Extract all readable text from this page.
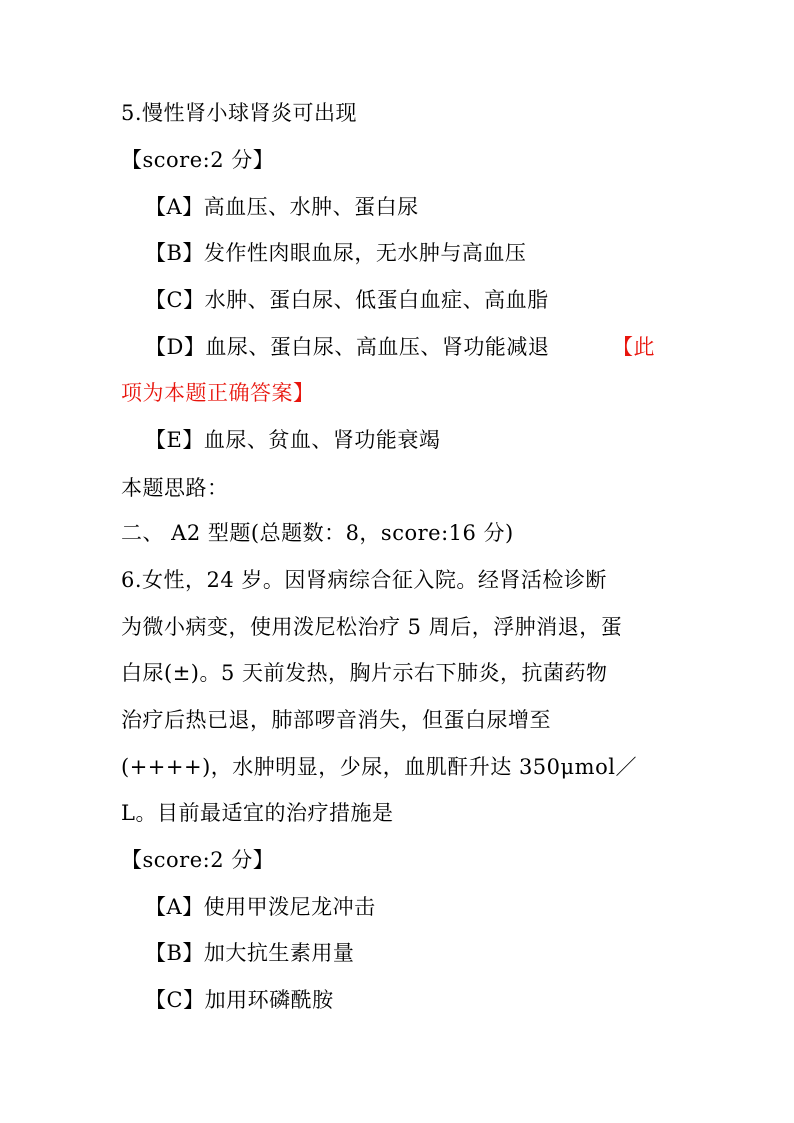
5.慢性肾小球肾炎可出现
【score:2 分】
【A】高血压、水肿、蛋白尿
【B】发作性肉眼血尿，无水肿与高血压
【C】水肿、蛋白尿、低蛋白血症、高血脂
【D】血尿、蛋白尿、高血压、肾功能减退	【此
项为本题正确答案】
【E】血尿、贫血、肾功能衰竭
本题思路：
二、 A2 型题(总题数：8，score:16 分)
6.女性，24 岁。因肾病综合征入院。经肾活检诊断
为微小病变，使用泼尼松治疗 5 周后，浮肿消退，蛋
白尿(±)。5 天前发热，胸片示右下肺炎，抗菌药物
治疗后热已退，肺部啰音消失，但蛋白尿增至
(++++)，水肿明显，少尿，血肌酐升达 350μmol／
L。目前最适宜的治疗措施是
【score:2 分】
【A】使用甲泼尼龙冲击
【B】加大抗生素用量
【C】加用环磷酰胺
